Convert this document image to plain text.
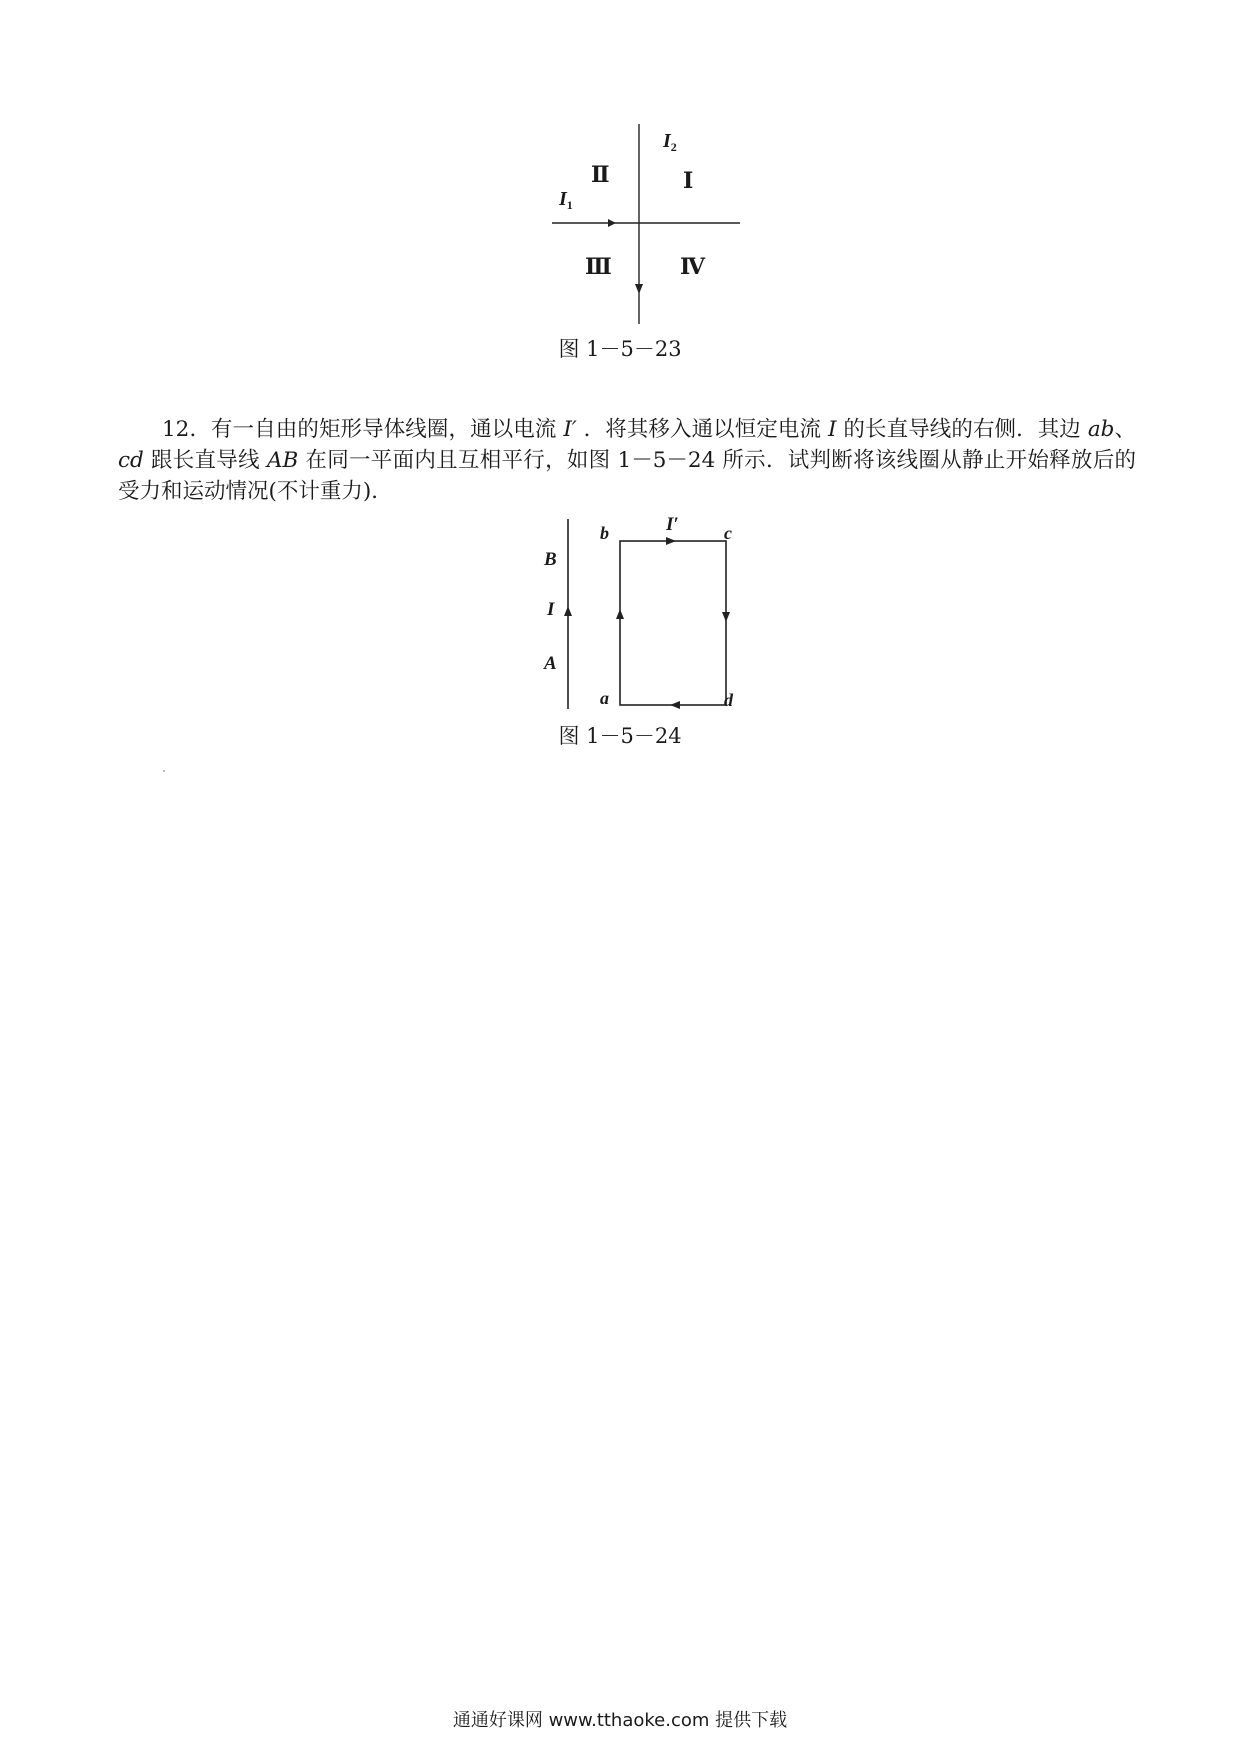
$I_1$
$I_2$
Ⅱ	Ⅰ
Ⅲ	Ⅳ
图 1－5－23
12．有一自由的矩形导体线圈，通以电流 I′ ．将其移入通以恒定电流 I 的长直导线的右侧．其边 ab、cd 跟长直导线 AB 在同一平面内且互相平行，如图 1－5－24 所示．试判断将该线圈从静止开始释放后的受力和运动情况(不计重力)．
B
I
A
b	c
a	d
I′
图 1－5－24
通通好课网 www.tthaoke.com 提供下载
